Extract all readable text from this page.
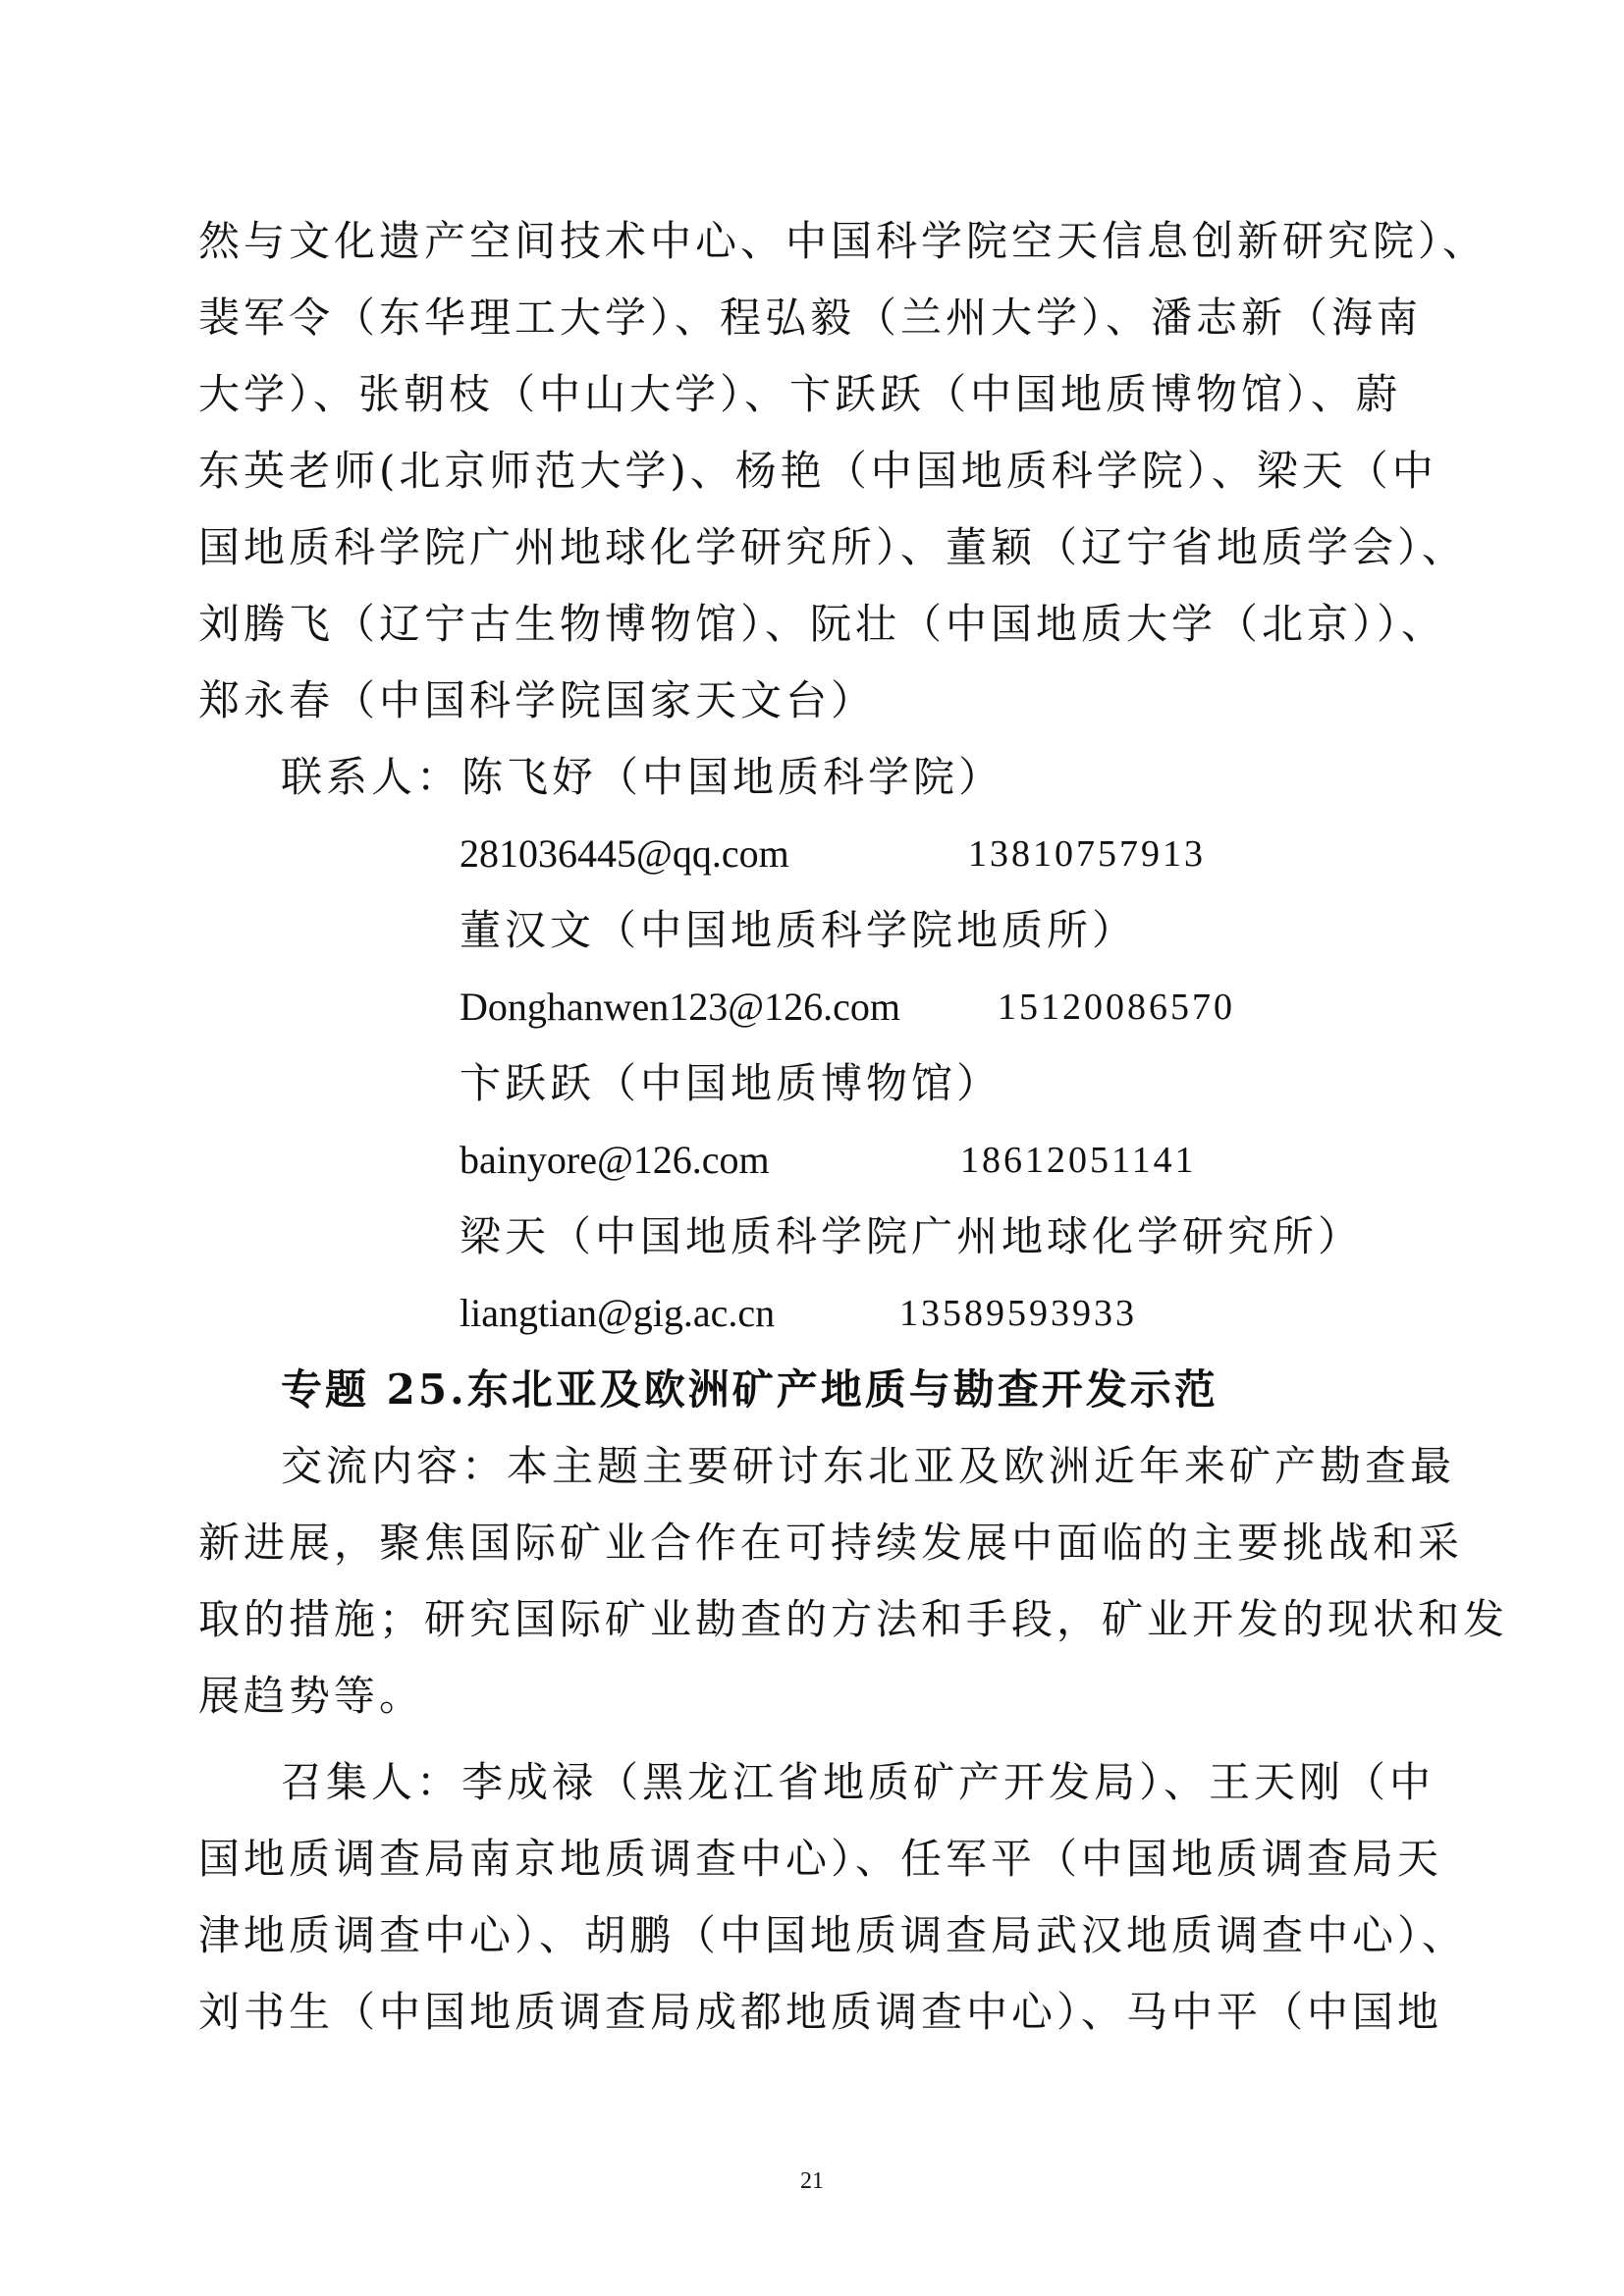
然与文化遗产空间技术中心、中国科学院空天信息创新研究院）、
裴军令（东华理工大学）、程弘毅（兰州大学）、潘志新（海南
大学）、张朝枝（中山大学）、卞跃跃（中国地质博物馆）、蔚
东英老师(北京师范大学)、杨艳（中国地质科学院）、梁天（中
国地质科学院广州地球化学研究所）、董颖（辽宁省地质学会）、
刘腾飞（辽宁古生物博物馆）、阮壮（中国地质大学（北京））、
郑永春（中国科学院国家天文台）
联系人：陈飞妤（中国地质科学院）
281036445@qq.com	13810757913
董汉文（中国地质科学院地质所）
Donghanwen123@126.com	15120086570
卞跃跃（中国地质博物馆）
bainyore@126.com	18612051141
梁天（中国地质科学院广州地球化学研究所）
liangtian@gig.ac.cn	13589593933
专题 25.东北亚及欧洲矿产地质与勘查开发示范
交流内容：本主题主要研讨东北亚及欧洲近年来矿产勘查最
新进展，聚焦国际矿业合作在可持续发展中面临的主要挑战和采
取的措施；研究国际矿业勘查的方法和手段，矿业开发的现状和发
展趋势等。
召集人：李成禄（黑龙江省地质矿产开发局）、王天刚（中
国地质调查局南京地质调查中心）、任军平（中国地质调查局天
津地质调查中心）、胡鹏（中国地质调查局武汉地质调查中心）、
刘书生（中国地质调查局成都地质调查中心）、马中平（中国地
21
